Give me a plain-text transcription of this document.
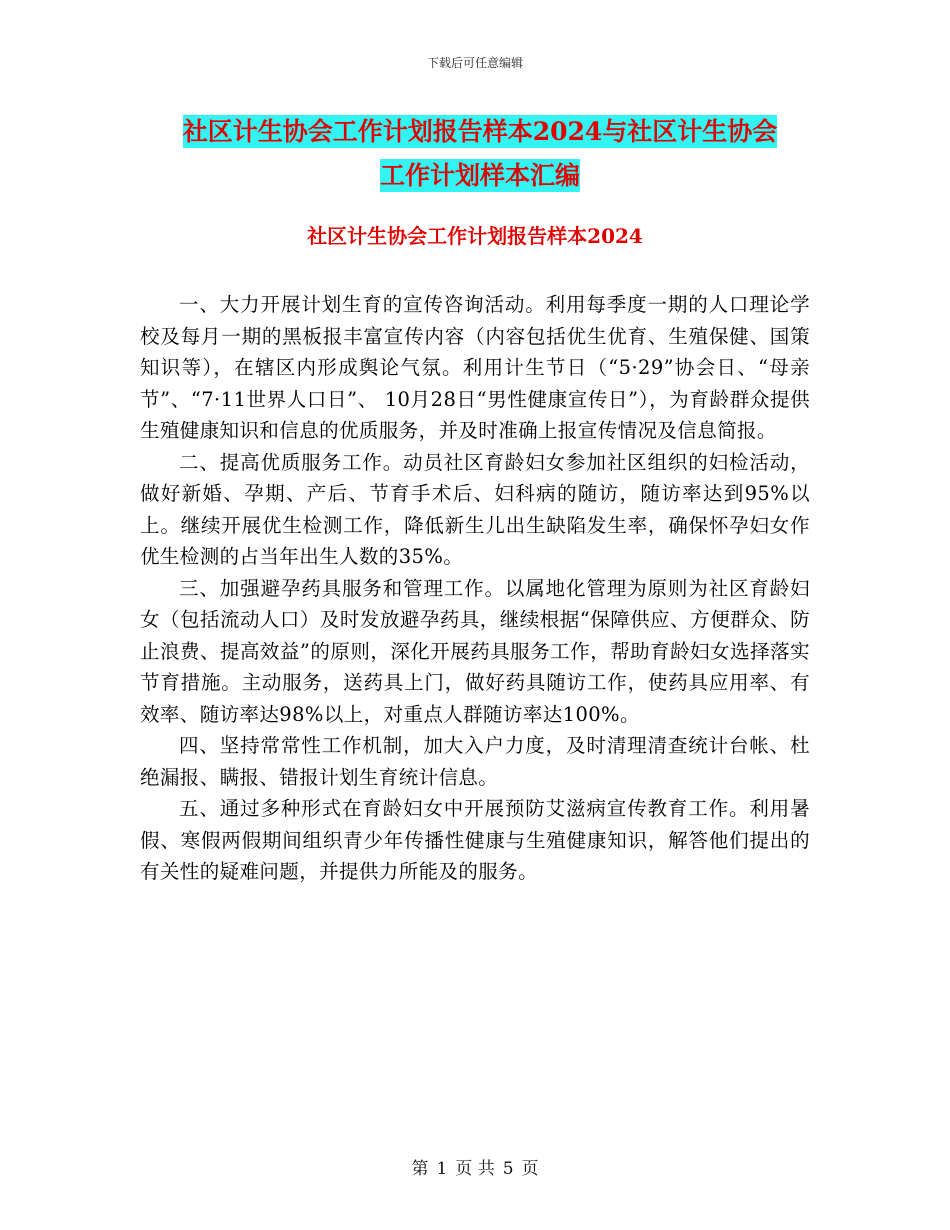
下载后可任意编辑
社区计生协会工作计划报告样本2024与社区计生协会
工作计划样本汇编
社区计生协会工作计划报告样本2024

一、大力开展计划生育的宣传咨询活动。利用每季度一期的人口理论学校及每月一期的黑板报丰富宣传内容（内容包括优生优育、生殖保健、国策知识等），在辖区内形成舆论气氛。利用计生节日（“5·29”协会日、“母亲节”、“7·11世界人口日”、 10月28日“男性健康宣传日”），为育龄群众提供生殖健康知识和信息的优质服务，并及时准确上报宣传情况及信息简报。

二、提高优质服务工作。动员社区育龄妇女参加社区组织的妇检活动，做好新婚、孕期、产后、节育手术后、妇科病的随访，随访率达到95%以上。继续开展优生检测工作，降低新生儿出生缺陷发生率，确保怀孕妇女作优生检测的占当年出生人数的35%。

三、加强避孕药具服务和管理工作。以属地化管理为原则为社区育龄妇女（包括流动人口）及时发放避孕药具，继续根据“保障供应、方便群众、防止浪费、提高效益”的原则，深化开展药具服务工作，帮助育龄妇女选择落实节育措施。主动服务，送药具上门，做好药具随访工作，使药具应用率、有效率、随访率达98%以上，对重点人群随访率达100%。

四、坚持常常性工作机制，加大入户力度，及时清理清查统计台帐、杜绝漏报、瞒报、错报计划生育统计信息。

五、通过多种形式在育龄妇女中开展预防艾滋病宣传教育工作。利用暑假、寒假两假期间组织青少年传播性健康与生殖健康知识，解答他们提出的有关性的疑难问题，并提供力所能及的服务。

第 1 页 共 5 页
